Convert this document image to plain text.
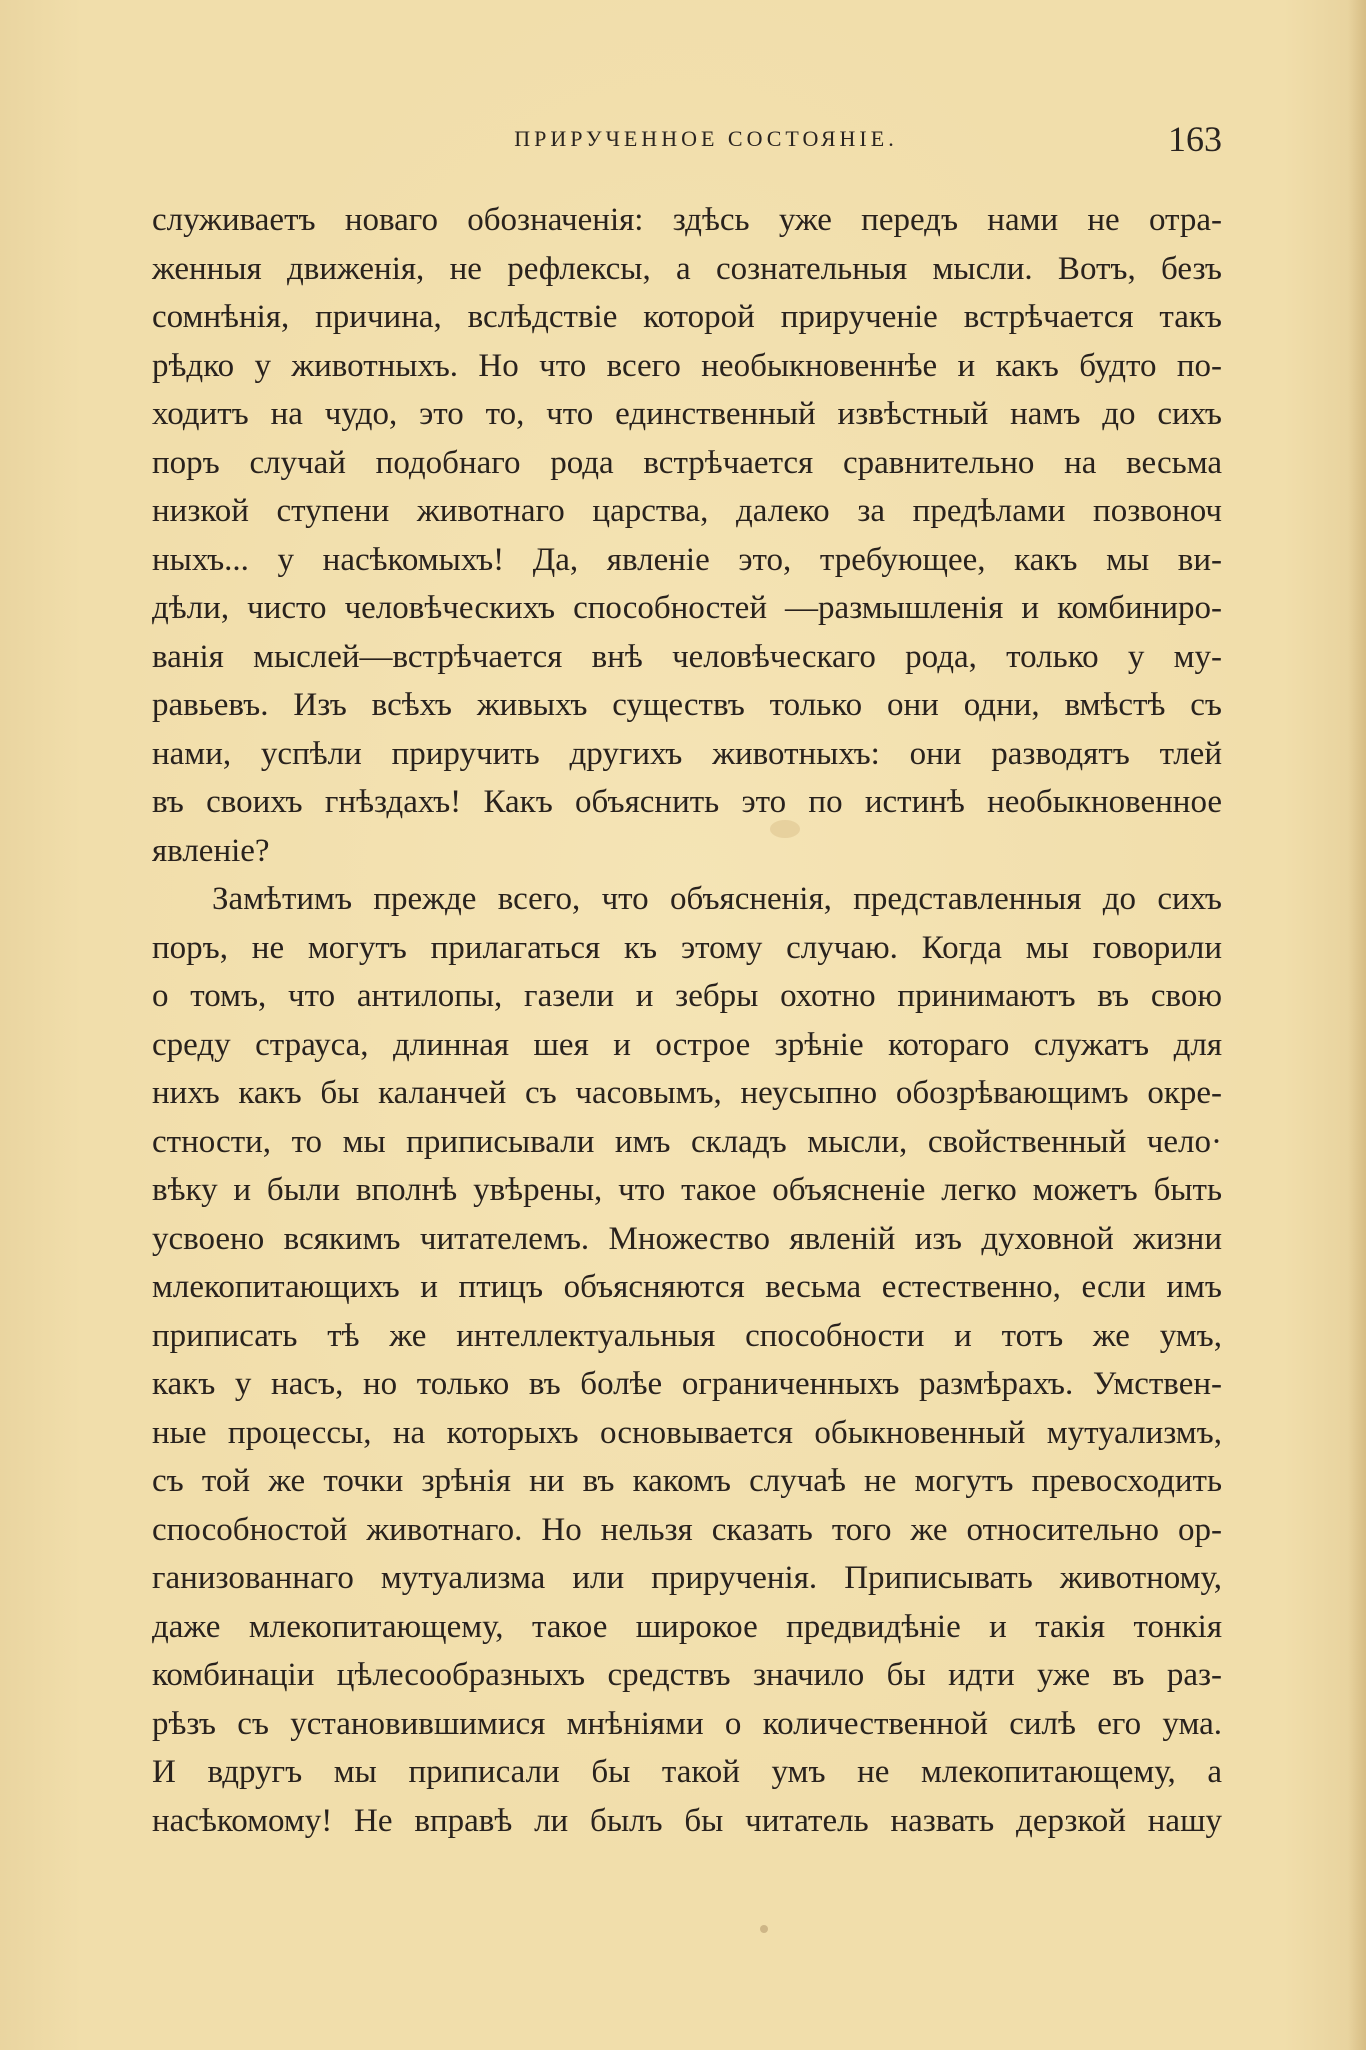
ПРИРУЧЕННОЕ СОСТОЯНІЕ.	163
служиваетъ новаго обозначенія: здѣсь уже передъ нами не отра-
женныя движенія, не рефлексы, а сознательныя мысли. Вотъ, безъ
сомнѣнія, причина, вслѣдствіе которой прирученіе встрѣчается такъ
рѣдко у животныхъ. Но что всего необыкновеннѣе и какъ будто по-
ходитъ на чудо, это то, что единственный извѣстный намъ до сихъ
поръ случай подобнаго рода встрѣчается сравнительно на весьма
низкой ступени животнаго царства, далеко за предѣлами позвоноч
ныхъ... у насѣкомыхъ! Да, явленіе это, требующее, какъ мы ви-
дѣли, чисто человѣческихъ способностей —размышленія и комбиниро-
ванія мыслей—встрѣчается внѣ человѣческаго рода, только у му-
равьевъ. Изъ всѣхъ живыхъ существъ только они одни, вмѣстѣ съ
нами, успѣли приручить другихъ животныхъ: они разводятъ тлей
въ своихъ гнѣздахъ! Какъ объяснить это по истинѣ необыкновенное
явленіе?
Замѣтимъ прежде всего, что объясненія, представленныя до сихъ
поръ, не могутъ прилагаться къ этому случаю. Когда мы говорили
о томъ, что антилопы, газели и зебры охотно принимаютъ въ свою
среду страуса, длинная шея и острое зрѣніе котораго служатъ для
нихъ какъ бы каланчей съ часовымъ, неусыпно обозрѣвающимъ окре-
стности, то мы приписывали имъ складъ мысли, свойственный чело·
вѣку и были вполнѣ увѣрены, что такое объясненіе легко можетъ быть
усвоено всякимъ читателемъ. Множество явленій изъ духовной жизни
млекопитающихъ и птицъ объясняются весьма естественно, если имъ
приписать тѣ же интеллектуальныя способности и тотъ же умъ,
какъ у насъ, но только въ болѣе ограниченныхъ размѣрахъ. Умствен-
ные процессы, на которыхъ основывается обыкновенный мутуализмъ,
съ той же точки зрѣнія ни въ какомъ случаѣ не могутъ превосходить
способностой животнаго. Но нельзя сказать того же относительно ор-
ганизованнаго мутуализма или прирученія. Приписывать животному,
даже млекопитающему, такое широкое предвидѣніе и такія тонкія
комбинаціи цѣлесообразныхъ средствъ значило бы идти уже въ раз-
рѣзъ съ установившимися мнѣніями о количественной силѣ его ума.
И вдругъ мы приписали бы такой умъ не млекопитающему, а
насѣкомому! Не вправѣ ли былъ бы читатель назвать дерзкой нашу
